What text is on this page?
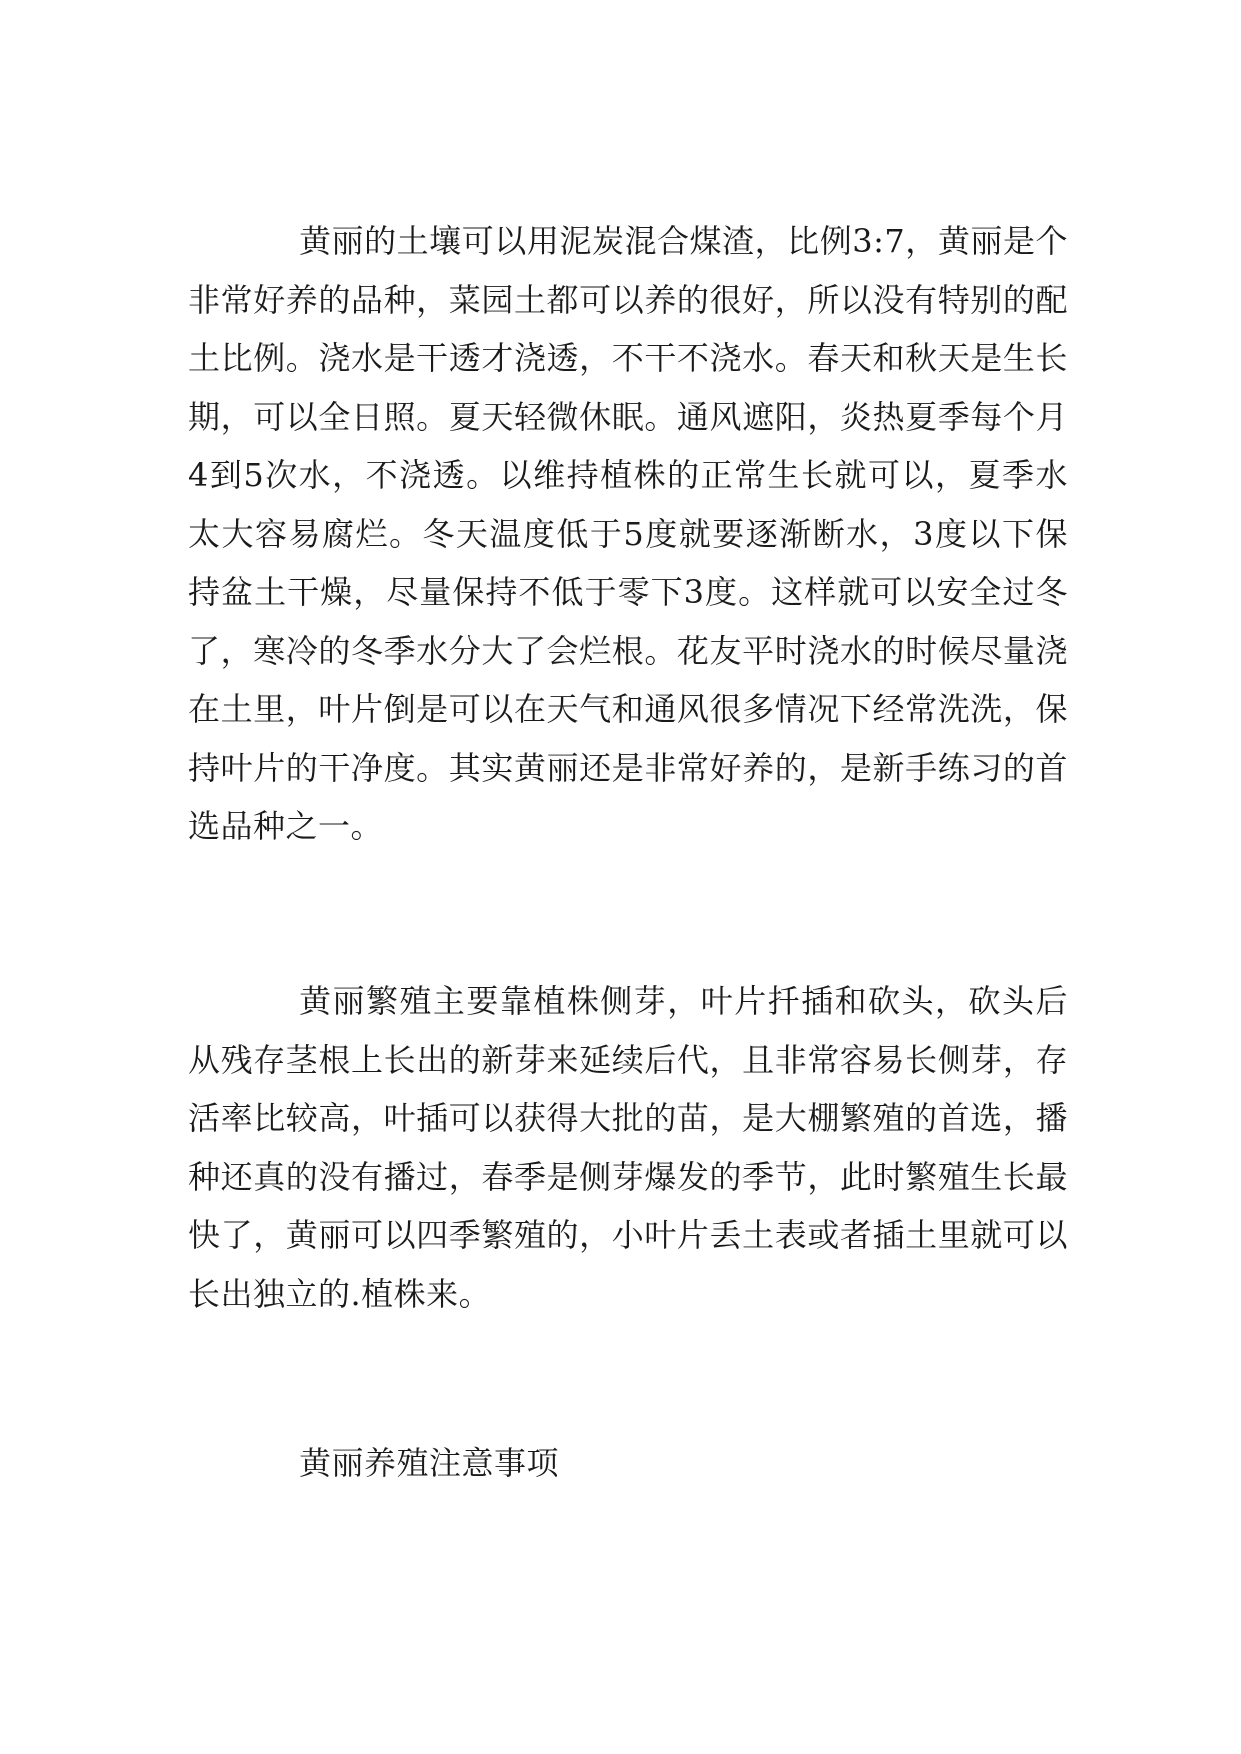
黄丽的土壤可以用泥炭混合煤渣，比例3:7，黄丽是个非常好养的品种，菜园土都可以养的很好，所以没有特别的配土比例。浇水是干透才浇透，不干不浇水。春天和秋天是生长期，可以全日照。夏天轻微休眠。通风遮阳，炎热夏季每个月4到5次水，不浇透。以维持植株的正常生长就可以，夏季水太大容易腐烂。冬天温度低于5度就要逐渐断水，3度以下保持盆土干燥，尽量保持不低于零下3度。这样就可以安全过冬了，寒冷的冬季水分大了会烂根。花友平时浇水的时候尽量浇在土里，叶片倒是可以在天气和通风很多情况下经常洗洗，保持叶片的干净度。其实黄丽还是非常好养的，是新手练习的首选品种之一。

黄丽繁殖主要靠植株侧芽，叶片扦插和砍头，砍头后从残存茎根上长出的新芽来延续后代，且非常容易长侧芽，存活率比较高，叶插可以获得大批的苗，是大棚繁殖的首选，播种还真的没有播过，春季是侧芽爆发的季节，此时繁殖生长最快了，黄丽可以四季繁殖的，小叶片丢土表或者插土里就可以长出独立的.植株来。

黄丽养殖注意事项
